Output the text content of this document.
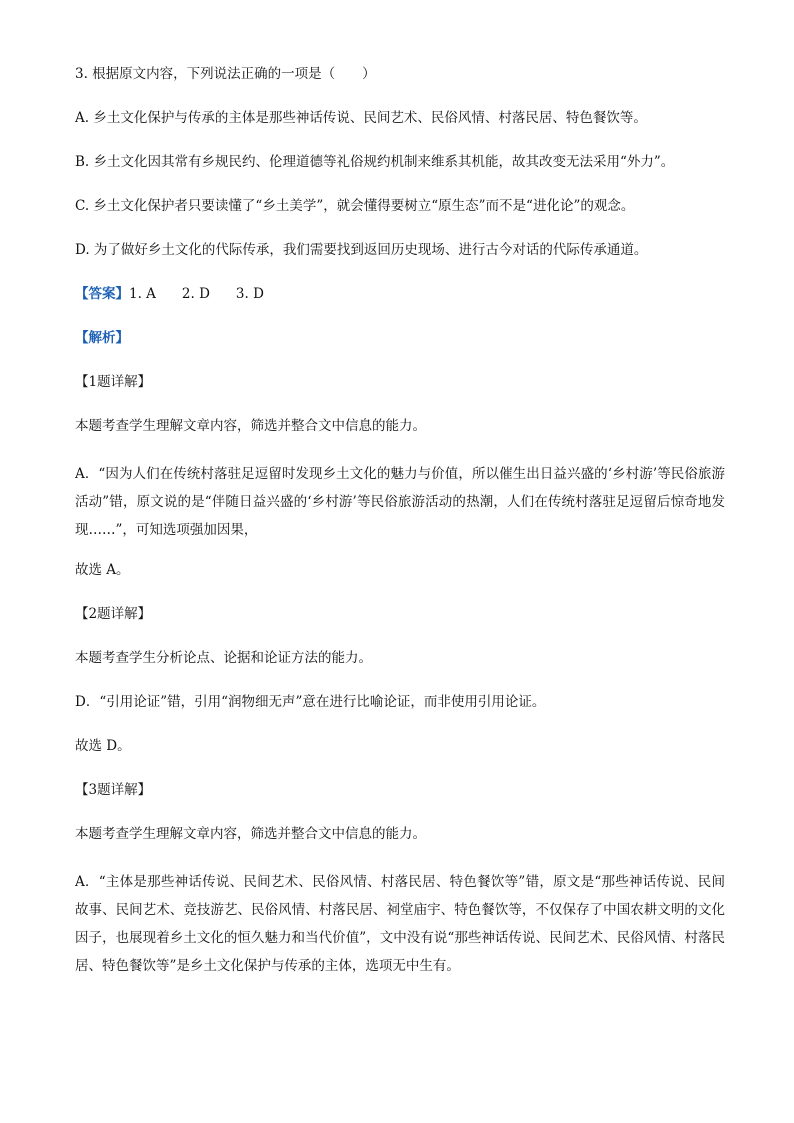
3. 根据原文内容，下列说法正确的一项是（　　）

A. 乡土文化保护与传承的主体是那些神话传说、民间艺术、民俗风情、村落民居、特色餐饮等。

B. 乡土文化因其常有乡规民约、伦理道德等礼俗规约机制来维系其机能，故其改变无法采用“外力”。

C. 乡土文化保护者只要读懂了“乡土美学”，就会懂得要树立“原生态”而不是“进化论”的观念。

D. 为了做好乡土文化的代际传承，我们需要找到返回历史现场、进行古今对话的代际传承通道。

【答案】1. A 2. D 3. D

【解析】

【1题详解】

本题考查学生理解文章内容，筛选并整合文中信息的能力。

A．“因为人们在传统村落驻足逗留时发现乡土文化的魅力与价值，所以催生出日益兴盛的‘乡村游’等民俗旅游活动”错，原文说的是“伴随日益兴盛的‘乡村游’等民俗旅游活动的热潮，人们在传统村落驻足逗留后惊奇地发现……”，可知选项强加因果，

故选 A。

【2题详解】

本题考查学生分析论点、论据和论证方法的能力。

D．“引用论证”错，引用“润物细无声”意在进行比喻论证，而非使用引用论证。

故选 D。

【3题详解】

本题考查学生理解文章内容，筛选并整合文中信息的能力。

A．“主体是那些神话传说、民间艺术、民俗风情、村落民居、特色餐饮等”错，原文是“那些神话传说、民间故事、民间艺术、竞技游艺、民俗风情、村落民居、祠堂庙宇、特色餐饮等，不仅保存了中国农耕文明的文化因子，也展现着乡土文化的恒久魅力和当代价值”，文中没有说“那些神话传说、民间艺术、民俗风情、村落民居、特色餐饮等”是乡土文化保护与传承的主体，选项无中生有。
